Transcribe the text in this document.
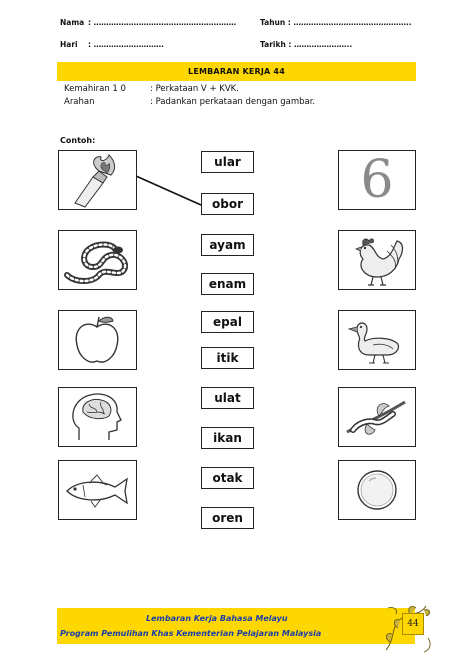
Nama : …………………………………………………	Tahun : ………………………………………..
Hari : ……………………….	Tarikh : …………………..
LEMBARAN KERJA 44
Kemahiran 1 0	: Perkataan V + KVK.
Arahan	: Padankan perkataan dengan gambar.
Contoh:
ular
obor
ayam
enam
epal
itik
ulat
ikan
otak
oren
6
Lembaran Kerja Bahasa Melayu
Program Pemulihan Khas Kementerian Pelajaran Malaysia
44
